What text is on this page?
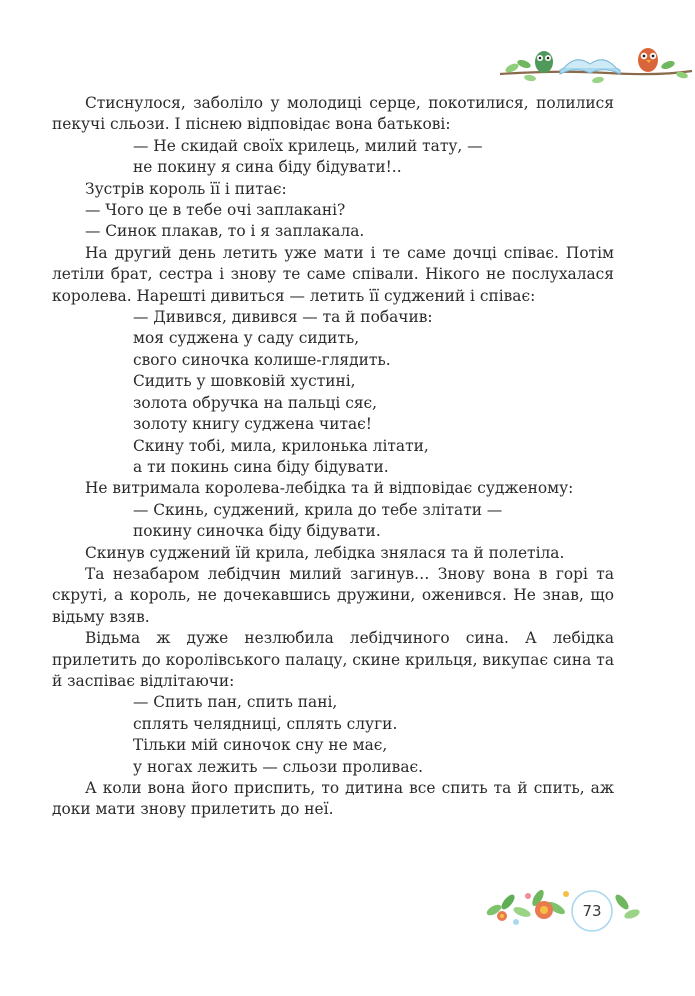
Стиснулося, заболіло у молодиці серце, покотилися, полилися пекучі сльози. І піснею відповідає вона батькові:

— Не скидай своїх крилець, милий тату, —

не покину я сина біду бідувати!..

Зустрів король її і питає:

— Чого це в тебе очі заплакані?

— Синок плакав, то і я заплакала.

На другий день летить уже мати і те саме дочці співає. Потім летіли брат, сестра і знову те саме співали. Нікого не послухалася королева. Нарешті дивиться — летить її суджений і співає:

— Дивився, дивився — та й побачив:

моя суджена у саду сидить,

свого синочка колише-глядить.

Сидить у шовковій хустині,

золота обручка на пальці сяє,

золоту книгу суджена читає!

Скину тобі, мила, крилонька літати,

а ти покинь сина біду бідувати.

Не витримала королева-лебідка та й відповідає судженому:

— Скинь, суджений, крила до тебе злітати —

покину синочка біду бідувати.

Скинув суджений їй крила, лебідка знялася та й полетіла.

Та незабаром лебідчин милий загинув… Знову вона в горі та скруті, а король, не дочекавшись дружини, оженився. Не знав, що відьму взяв.

Відьма ж дуже незлюбила лебідчиного сина. А лебідка прилетить до королівського палацу, скине крильця, викупає сина та й заспіває відлітаючи:

— Спить пан, спить пані,

сплять челядниці, сплять слуги.

Тільки мій синочок сну не має,

у ногах лежить — сльози проливає.

А коли вона його приспить, то дитина все спить та й спить, аж доки мати знову прилетить до неї.

73
